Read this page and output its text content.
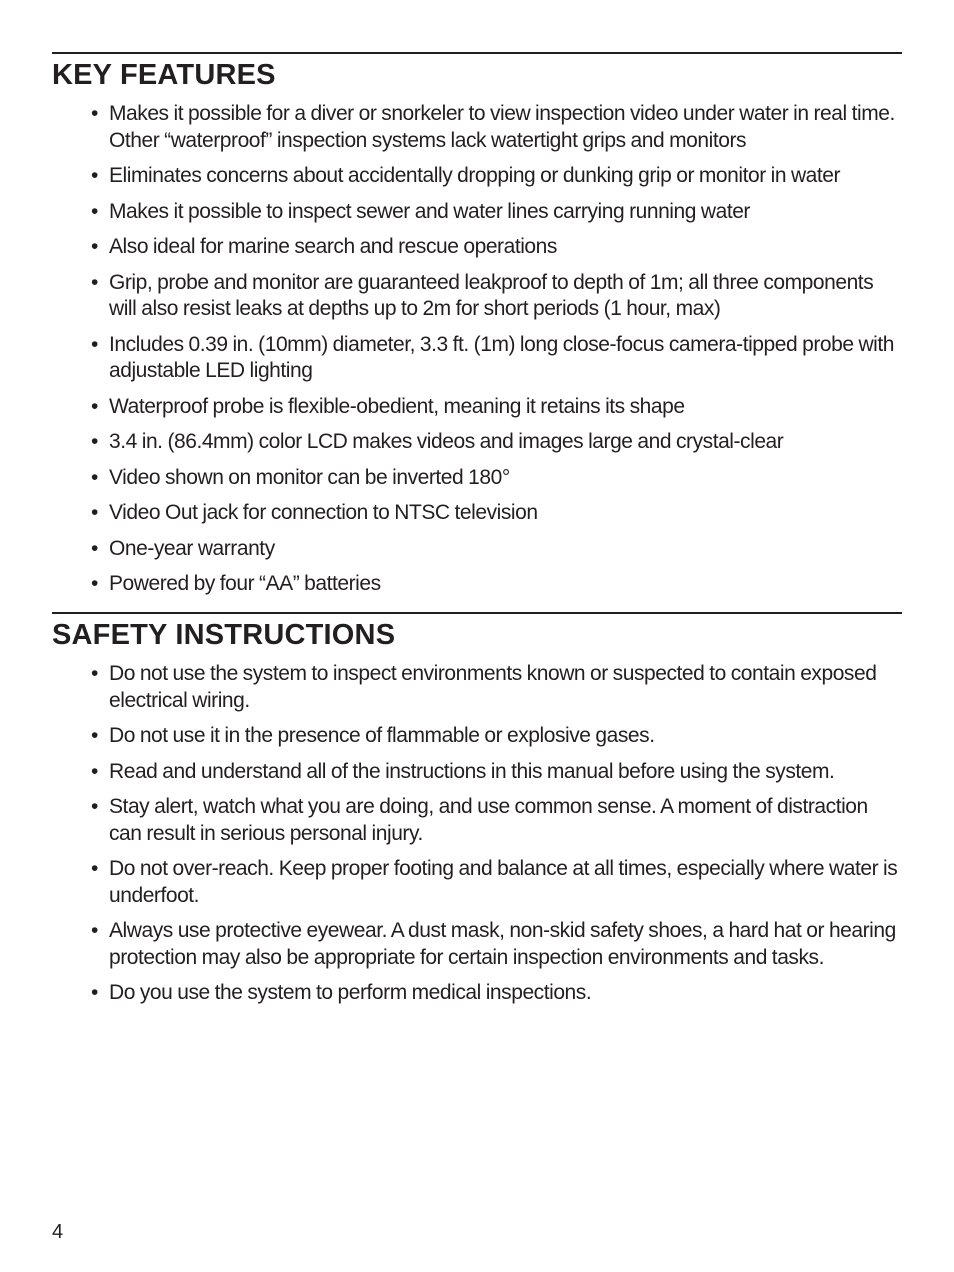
KEY FEATURES
• Makes it possible for a diver or snorkeler to view inspection video under water in real time. Other “waterproof” inspection systems lack watertight grips and monitors
• Eliminates concerns about accidentally dropping or dunking grip or monitor in water
• Makes it possible to inspect sewer and water lines carrying running water
• Also ideal for marine search and rescue operations
• Grip, probe and monitor are guaranteed leakproof to depth of 1m; all three components will also resist leaks at depths up to 2m for short periods (1 hour, max)
• Includes 0.39 in. (10mm) diameter, 3.3 ft. (1m) long close-focus camera-tipped probe with adjustable LED lighting
• Waterproof probe is flexible-obedient, meaning it retains its shape
• 3.4 in. (86.4mm) color LCD makes videos and images large and crystal-clear
• Video shown on monitor can be inverted 180°
• Video Out jack for connection to NTSC television
• One-year warranty
• Powered by four “AA” batteries
SAFETY INSTRUCTIONS
• Do not use the system to inspect environments known or suspected to contain exposed electrical wiring.
• Do not use it in the presence of flammable or explosive gases.
• Read and understand all of the instructions in this manual before using the system.
• Stay alert, watch what you are doing, and use common sense. A moment of distraction can result in serious personal injury.
• Do not over-reach. Keep proper footing and balance at all times, especially where water is underfoot.
• Always use protective eyewear. A dust mask, non-skid safety shoes, a hard hat or hearing protection may also be appropriate for certain inspection environments and tasks.
• Do you use the system to perform medical inspections.
4
